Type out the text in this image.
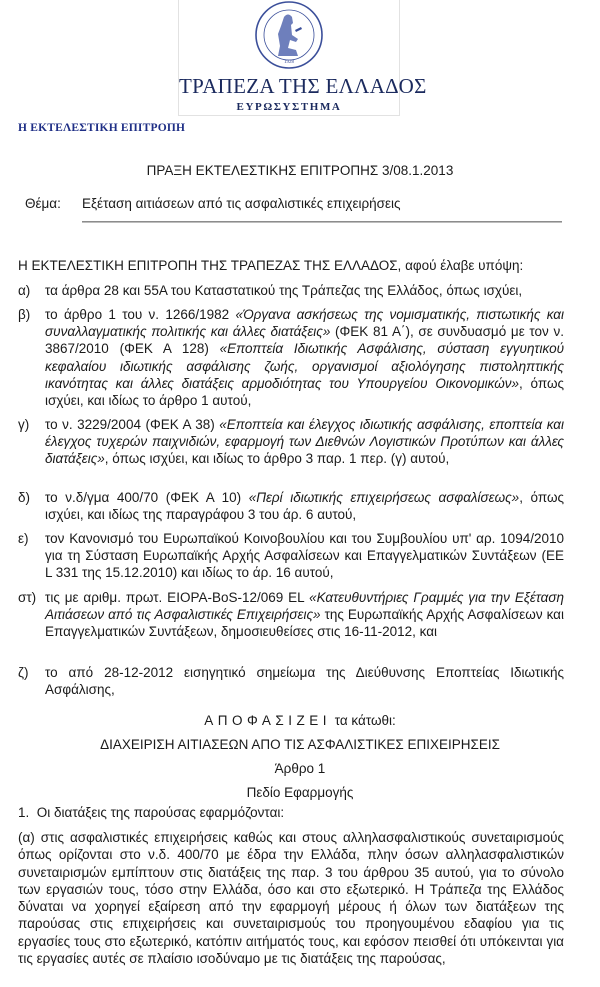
1928
ΤΡΑΠΕΖΑ ΤΗΣ ΕΛΛΑΔΟΣ
ΕΥΡΩΣΥΣΤΗΜΑ
Η ΕΚΤΕΛΕΣΤΙΚΗ ΕΠΙΤΡΟΠΗ
ΠΡΑΞΗ ΕΚΤΕΛΕΣΤΙΚΗΣ ΕΠΙΤΡΟΠΗΣ 3/08.1.2013
Θέμα: Εξέταση αιτιάσεων από τις ασφαλιστικές επιχειρήσεις
Η ΕΚΤΕΛΕΣΤΙΚΗ ΕΠΙΤΡΟΠΗ ΤΗΣ ΤΡΑΠΕΖΑΣ ΤΗΣ ΕΛΛΑΔΟΣ, αφού έλαβε υπόψη:
α) τα άρθρα 28 και 55Α του Καταστατικού της Τράπεζας της Ελλάδος, όπως ισχύει,
β) το άρθρο 1 του ν. 1266/1982 «Όργανα ασκήσεως της νομισματικής, πιστωτικής και συναλλαγματικής πολιτικής και άλλες διατάξεις» (ΦΕΚ 81 Α΄), σε συνδυασμό με τον ν. 3867/2010 (ΦΕΚ Α 128) «Εποπτεία Ιδιωτικής Ασφάλισης, σύσταση εγγυητικού κεφαλαίου ιδιωτικής ασφάλισης ζωής, οργανισμοί αξιολόγησης πιστοληπτικής ικανότητας και άλλες διατάξεις αρμοδιότητας του Υπουργείου Οικονομικών», όπως ισχύει, και ιδίως το άρθρο 1 αυτού,
γ) το ν. 3229/2004 (ΦΕΚ Α 38) «Εποπτεία και έλεγχος ιδιωτικής ασφάλισης, εποπτεία και έλεγχος τυχερών παιχνιδιών, εφαρμογή των Διεθνών Λογιστικών Προτύπων και άλλες διατάξεις», όπως ισχύει, και ιδίως το άρθρο 3 παρ. 1 περ. (γ) αυτού,
δ) το ν.δ/γμα 400/70 (ΦΕΚ Α 10) «Περί ιδιωτικής επιχειρήσεως ασφαλίσεως», όπως ισχύει, και ιδίως της παραγράφου 3 του άρ. 6 αυτού,
ε) τον Κανονισμό του Ευρωπαϊκού Κοινοβουλίου και του Συμβουλίου υπ' αρ. 1094/2010 για τη Σύσταση Ευρωπαϊκής Αρχής Ασφαλίσεων και Επαγγελματικών Συντάξεων (ΕΕ L 331 της 15.12.2010) και ιδίως το άρ. 16 αυτού,
στ) τις με αριθμ. πρωτ. EIOPA-BoS-12/069 EL «Κατευθυντήριες Γραμμές για την Εξέταση Αιτιάσεων από τις Ασφαλιστικές Επιχειρήσεις» της Ευρωπαϊκής Αρχής Ασφαλίσεων και Επαγγελματικών Συντάξεων, δημοσιευθείσες στις 16-11-2012, και
ζ) το από 28-12-2012 εισηγητικό σημείωμα της Διεύθυνσης Εποπτείας Ιδιωτικής Ασφάλισης,
ΑΠΟΦΑΣΙΖΕΙ τα κάτωθι:
ΔΙΑΧΕΙΡΙΣΗ ΑΙΤΙΑΣΕΩΝ ΑΠΟ ΤΙΣ ΑΣΦΑΛΙΣΤΙΚΕΣ ΕΠΙΧΕΙΡΗΣΕΙΣ
Άρθρο 1
Πεδίο Εφαρμογής
1.  Οι διατάξεις της παρούσας εφαρμόζονται:
(α) στις ασφαλιστικές επιχειρήσεις καθώς και στους αλληλασφαλιστικούς συνεταιρισμούς όπως ορίζονται στο ν.δ. 400/70 με έδρα την Ελλάδα, πλην όσων αλληλασφαλιστικών συνεταιρισμών εμπίπτουν στις διατάξεις της παρ. 3 του άρθρου 35 αυτού, για το σύνολο των εργασιών τους, τόσο στην Ελλάδα, όσο και στο εξωτερικό. Η Τράπεζα της Ελλάδος δύναται να χορηγεί εξαίρεση από την εφαρμογή μέρους ή όλων των διατάξεων της παρούσας στις επιχειρήσεις και συνεταιρισμούς του προηγουμένου εδαφίου για τις εργασίες τους στο εξωτερικό, κατόπιν αιτήματός τους, και εφόσον πεισθεί ότι υπόκεινται για τις εργασίες αυτές σε πλαίσιο ισοδύναμο με τις διατάξεις της παρούσας,
